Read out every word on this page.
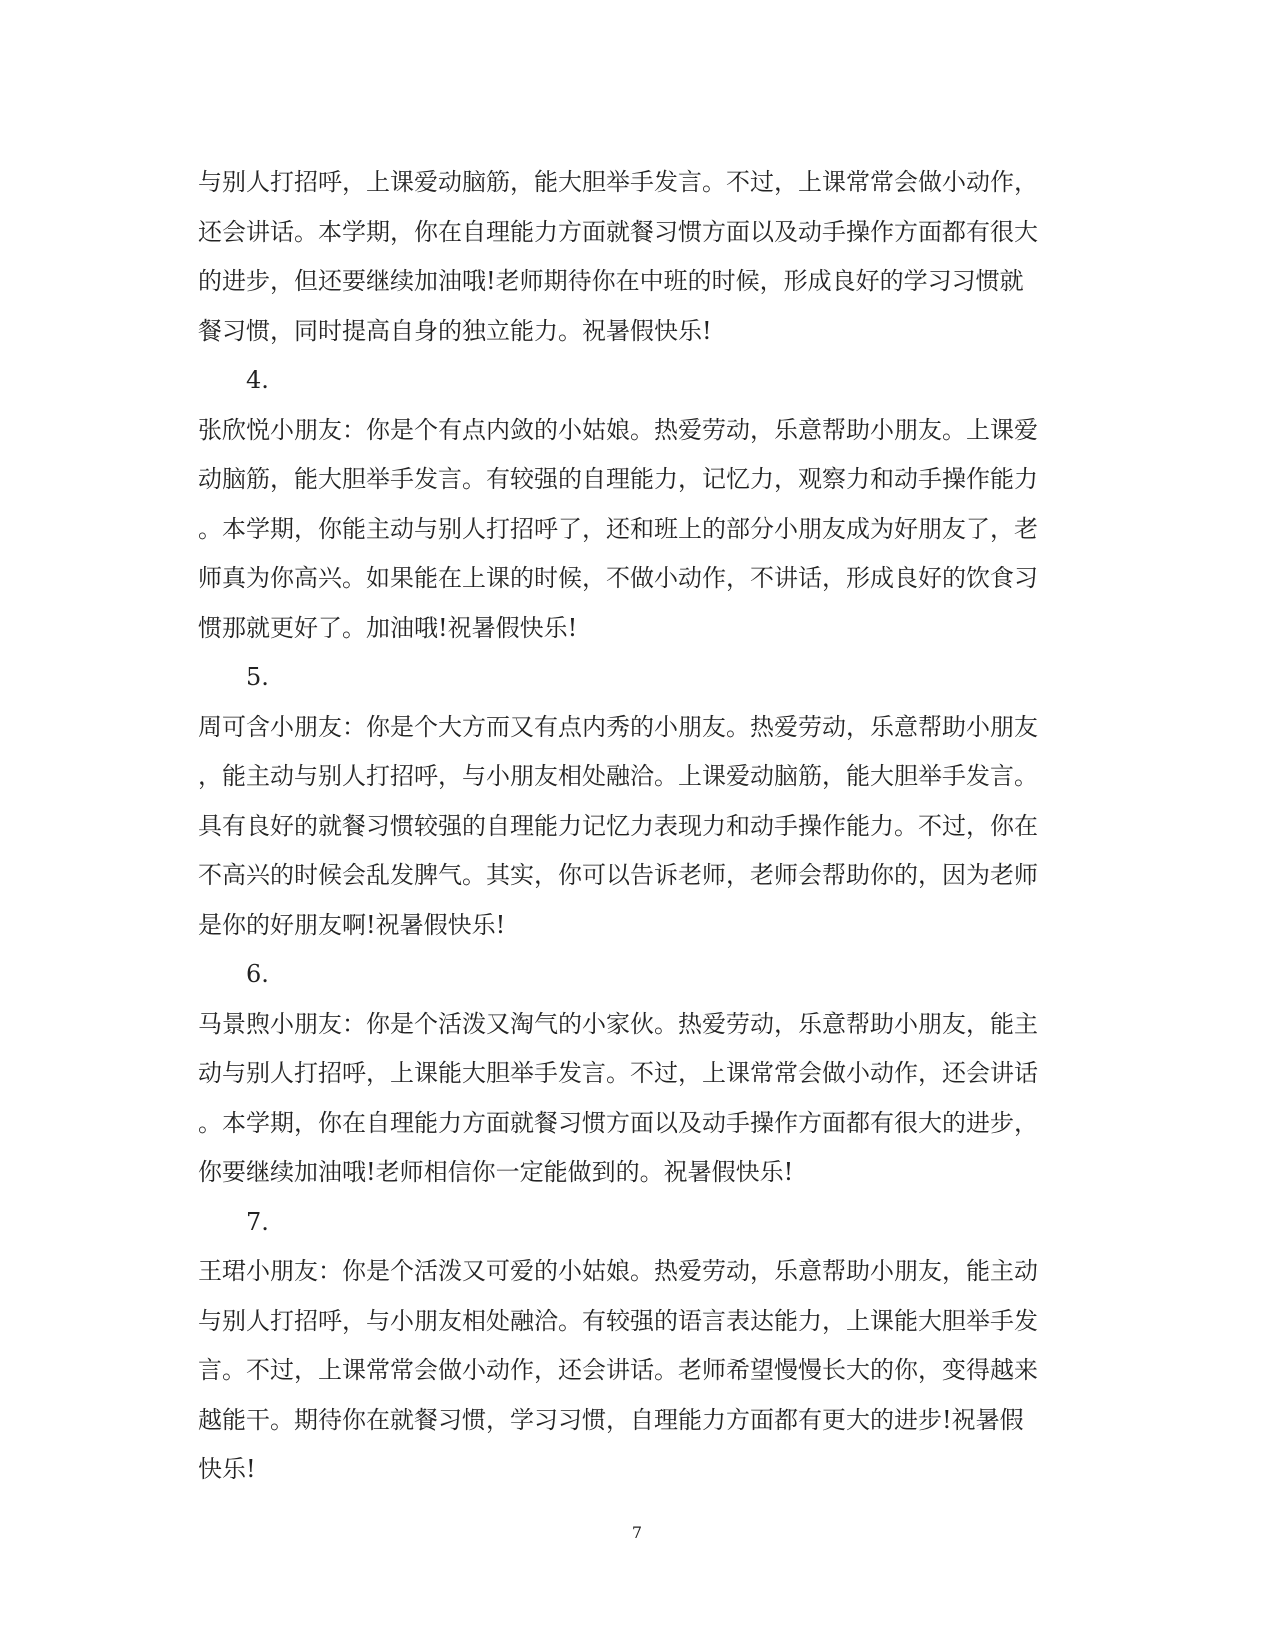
与别人打招呼，上课爱动脑筋，能大胆举手发言。不过，上课常常会做小动作，
还会讲话。本学期，你在自理能力方面就餐习惯方面以及动手操作方面都有很大
的进步，但还要继续加油哦!老师期待你在中班的时候，形成良好的学习习惯就
餐习惯，同时提高自身的独立能力。祝暑假快乐!
4.
张欣悦小朋友：你是个有点内敛的小姑娘。热爱劳动，乐意帮助小朋友。上课爱
动脑筋，能大胆举手发言。有较强的自理能力，记忆力，观察力和动手操作能力
。本学期，你能主动与别人打招呼了，还和班上的部分小朋友成为好朋友了，老
师真为你高兴。如果能在上课的时候，不做小动作，不讲话，形成良好的饮食习
惯那就更好了。加油哦!祝暑假快乐!
5.
周可含小朋友：你是个大方而又有点内秀的小朋友。热爱劳动，乐意帮助小朋友
，能主动与别人打招呼，与小朋友相处融洽。上课爱动脑筋，能大胆举手发言。
具有良好的就餐习惯较强的自理能力记忆力表现力和动手操作能力。不过，你在
不高兴的时候会乱发脾气。其实，你可以告诉老师，老师会帮助你的，因为老师
是你的好朋友啊!祝暑假快乐!
6.
马景煦小朋友：你是个活泼又淘气的小家伙。热爱劳动，乐意帮助小朋友，能主
动与别人打招呼，上课能大胆举手发言。不过，上课常常会做小动作，还会讲话
。本学期，你在自理能力方面就餐习惯方面以及动手操作方面都有很大的进步，
你要继续加油哦!老师相信你一定能做到的。祝暑假快乐!
7.
王珺小朋友：你是个活泼又可爱的小姑娘。热爱劳动，乐意帮助小朋友，能主动
与别人打招呼，与小朋友相处融洽。有较强的语言表达能力，上课能大胆举手发
言。不过，上课常常会做小动作，还会讲话。老师希望慢慢长大的你，变得越来
越能干。期待你在就餐习惯，学习习惯，自理能力方面都有更大的进步!祝暑假
快乐!
7
